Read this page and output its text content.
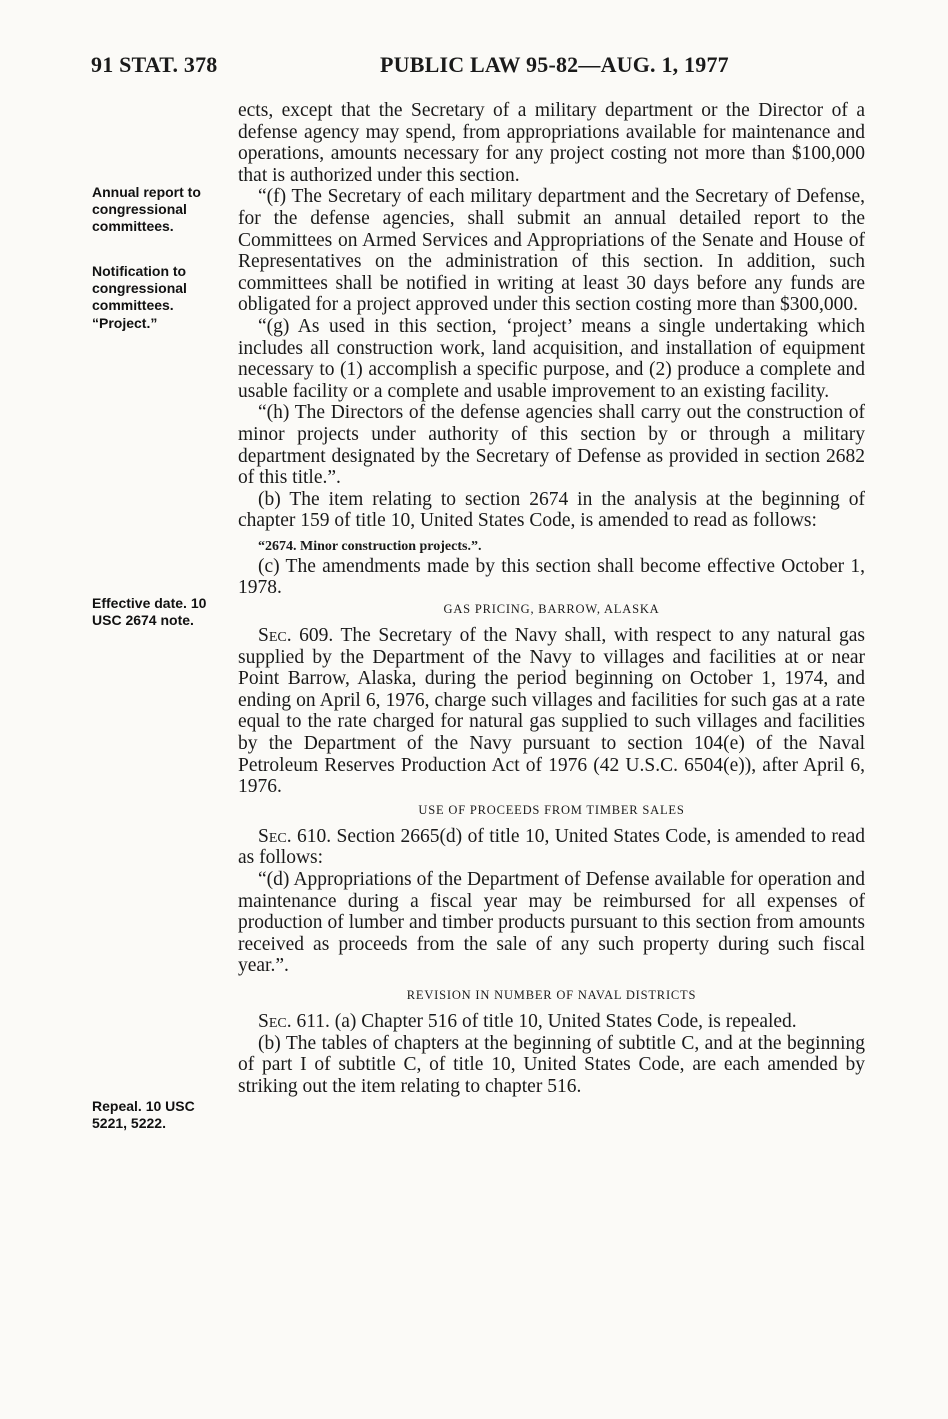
91 STAT. 378	PUBLIC LAW 95-82—AUG. 1, 1977
Annual report to congressional committees.
Notification to congressional committees.
“Project.”
Effective date. 10 USC 2674 note.
Repeal. 10 USC 5221, 5222.
ects, except that the Secretary of a military department or the Director of a defense agency may spend, from appropriations available for maintenance and operations, amounts necessary for any project costing not more than $100,000 that is authorized under this section.
“(f) The Secretary of each military department and the Secretary of Defense, for the defense agencies, shall submit an annual detailed report to the Committees on Armed Services and Appropriations of the Senate and House of Representatives on the administration of this section. In addition, such committees shall be notified in writing at least 30 days before any funds are obligated for a project approved under this section costing more than $300,000.
“(g) As used in this section, ‘project’ means a single undertaking which includes all construction work, land acquisition, and installation of equipment necessary to (1) accomplish a specific purpose, and (2) produce a complete and usable facility or a complete and usable improvement to an existing facility.
“(h) The Directors of the defense agencies shall carry out the construction of minor projects under authority of this section by or through a military department designated by the Secretary of Defense as provided in section 2682 of this title.”.
(b) The item relating to section 2674 in the analysis at the beginning of chapter 159 of title 10, United States Code, is amended to read as follows:
“2674. Minor construction projects.”.
(c) The amendments made by this section shall become effective October 1, 1978.
GAS PRICING, BARROW, ALASKA
Sec. 609. The Secretary of the Navy shall, with respect to any natural gas supplied by the Department of the Navy to villages and facilities at or near Point Barrow, Alaska, during the period beginning on October 1, 1974, and ending on April 6, 1976, charge such villages and facilities for such gas at a rate equal to the rate charged for natural gas supplied to such villages and facilities by the Department of the Navy pursuant to section 104(e) of the Naval Petroleum Reserves Production Act of 1976 (42 U.S.C. 6504(e)), after April 6, 1976.
USE OF PROCEEDS FROM TIMBER SALES
Sec. 610. Section 2665(d) of title 10, United States Code, is amended to read as follows:
“(d) Appropriations of the Department of Defense available for operation and maintenance during a fiscal year may be reimbursed for all expenses of production of lumber and timber products pursuant to this section from amounts received as proceeds from the sale of any such property during such fiscal year.”.
REVISION IN NUMBER OF NAVAL DISTRICTS
Sec. 611. (a) Chapter 516 of title 10, United States Code, is repealed.
(b) The tables of chapters at the beginning of subtitle C, and at the beginning of part I of subtitle C, of title 10, United States Code, are each amended by striking out the item relating to chapter 516.
